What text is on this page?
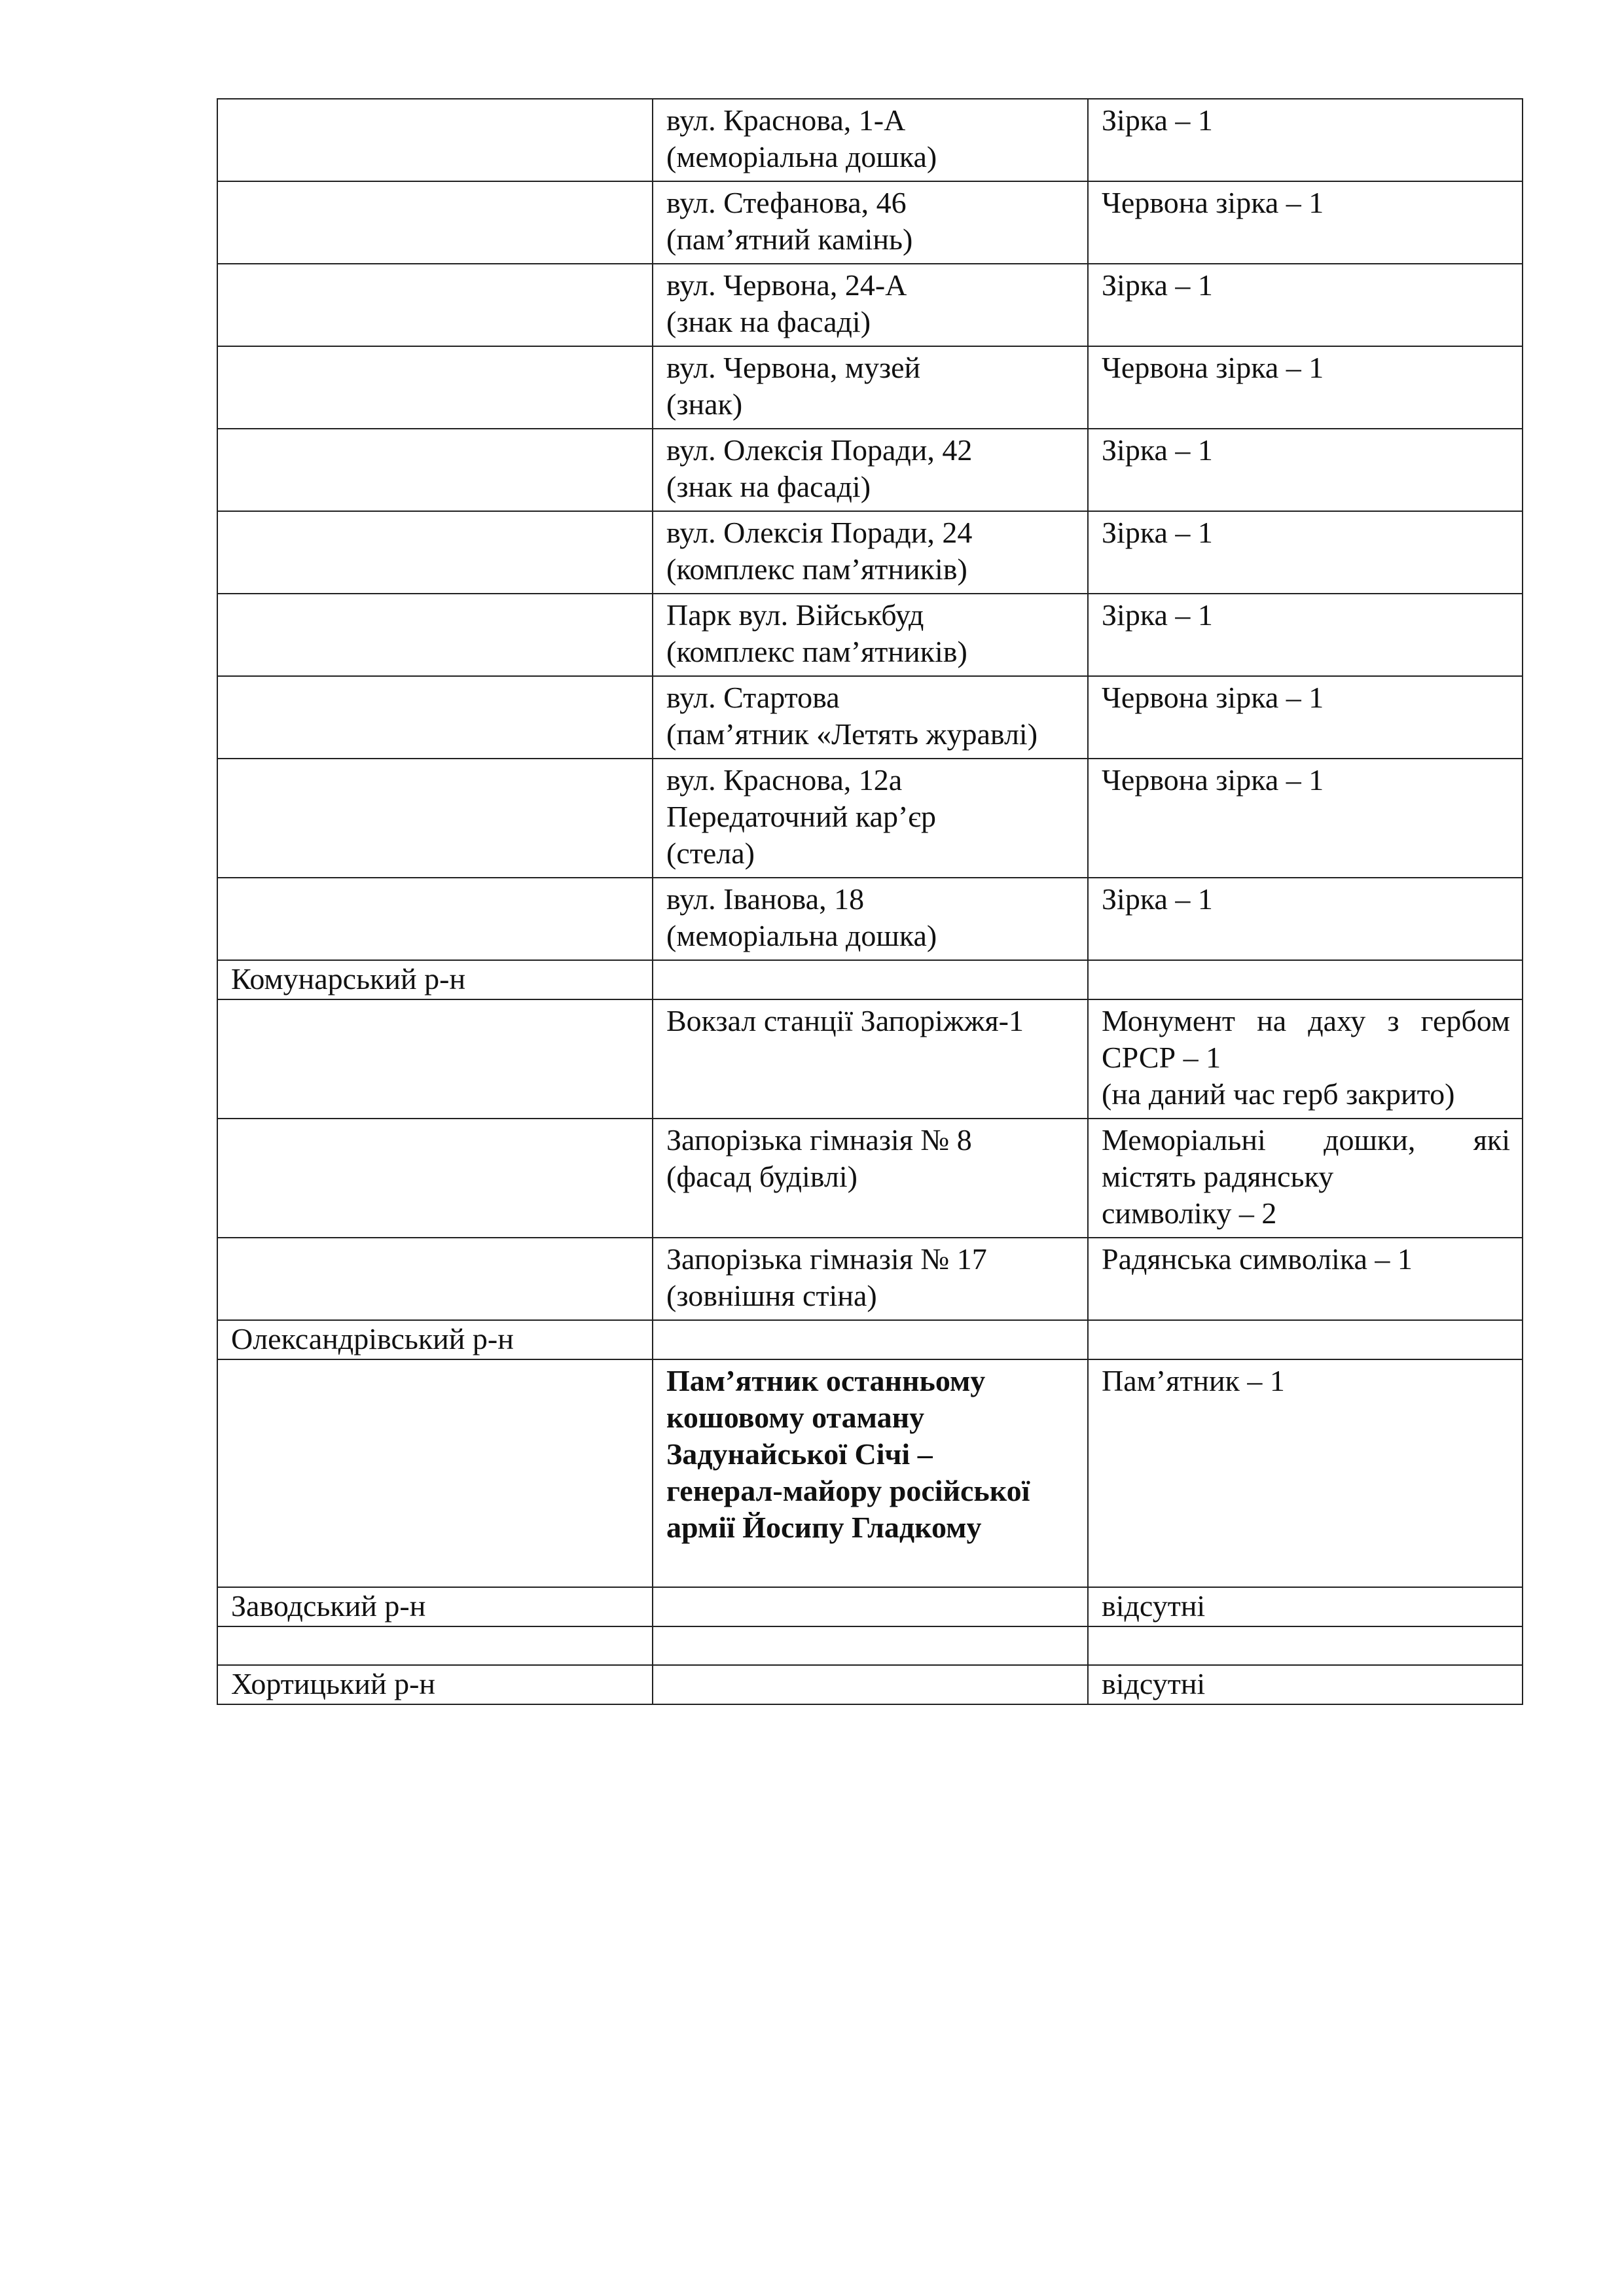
	вул. Краснова, 1-А
(меморіальна дошка)	Зірка – 1

	вул. Стефанова, 46
(пам’ятний камінь)	Червона зірка – 1

	вул. Червона, 24-А
(знак на фасаді)	Зірка – 1

	вул. Червона, музей
(знак)	Червона зірка – 1

	вул. Олексія Поради, 42
(знак на фасаді)	Зірка – 1

	вул. Олексія Поради, 24
(комплекс пам’ятників)	Зірка – 1

	Парк вул. Військбуд
(комплекс пам’ятників)	Зірка – 1

	вул. Стартова
(пам’ятник «Летять журавлі)	Червона зірка – 1

	вул. Краснова, 12а
Передаточний кар’єр
(стела)	Червона зірка – 1

	вул. Іванова, 18
(меморіальна дошка)	Зірка – 1

Комунарський р-н		

	Вокзал станції Запоріжжя-1	Монумент на даху з гербом
СРСР – 1
(на даний час герб закрито)

	Запорізька гімназія № 8
(фасад будівлі)	Меморіальні дошки, які
містять радянську
символіку – 2

	Запорізька гімназія № 17
(зовнішня стіна)	Радянська символіка – 1

Олександрівський р-н		

	Пам’ятник останньому
кошовому отаману
Задунайської Січі –
генерал-майору російської
армії Йосипу Гладкому	Пам’ятник – 1

Заводський р-н		відсутні

Хортицький р-н		відсутні
